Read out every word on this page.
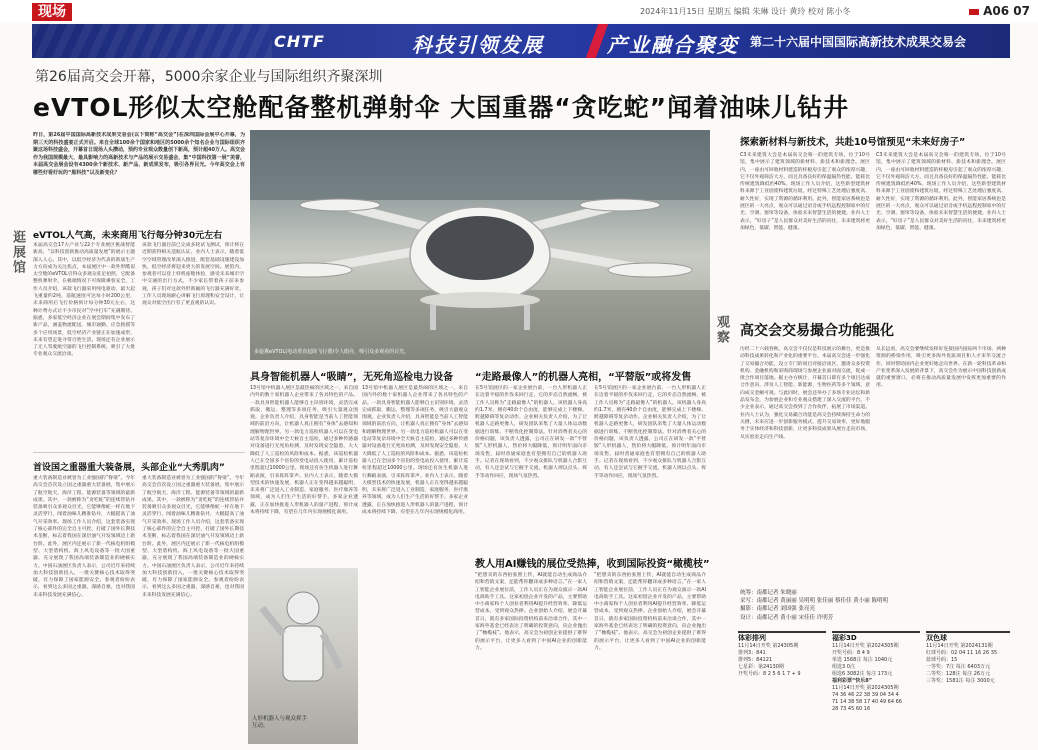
现场	2024年11月15日 星期五 编辑 朱琳 设计 黄玲 校对 陈小冬	A06 07
CHTF	科技引领发展	产业融合聚变 第二十六届中国国际高新技术成果交易会
第26届高交会开幕，5000余家企业与国际组织齐聚深圳
eVTOL形似太空舱配备整机弹射伞 大国重器“贪吃蛇”闻着油味儿钻井
昨日，第26届中国国际高新技术成果交易会(以下简称“高交会”)在深圳国际会展中心开幕，为期三天的科技盛宴正式开启。来自全球100余个国家和地区的5000余个知名企业与国际组织齐聚这场科技盛会，开幕首日现场人头攒动，预约专业观众数量创下新高，预计超40万人。高交会作为我国规模最大、最具影响力的高新技术与产品的展示交易盛会，集“中国科技第一展”美誉，本届高交会展会设有4300余个新技术、新产品、新成果发布，吸引各界目光。今年高交会上有哪些好看好玩的“黑科技”以及新变化？
逛展馆
观察
eVTOL人气高，未来商用飞行每分钟30元左右
本届高交会17大产业与22个专业展区挑战智能新高，“以科技创新推动高质量发展”的展示主题深入人心。其中，以低空经济为代表的新质生产力方向成为关注焦点，本届展区中一款外形酷似太空舱的eVTOL引得众多观众驻足拍照，它配备整机弹射伞，在极端情况下可保障乘客安全。工作人员介绍，该款飞行器采用纯电驱动，最大起飞重量约2吨，巡航速度可达每小时200公里，未来商用后飞行价格预计每分钟30元左右，这种计费方式让不少市民对“空中打车”充满期待。据悉，多家低空经济企业在展会期间集中发布了新产品，涵盖物流配送、城市通勤、应急救援等多个应用场景，低空经济产业链正在加速成形，未来有望走进寻常百姓生活。现场还有企业展示了无人驾驶航空器的飞行控制系统，吸引了大批专业观众交流洽谈。
该款飞行器目前已完成多轮试飞测试，预计将在近期获得相关适航认证。业内人士表示，随着低空空域管理改革深入推进，配套基础设施建设加快，低空经济将迎来更大的发展空间。展馆内，参观者可以登上样机座舱体验，感受未来城市空中交通的出行方式，不少家长带着孩子前来参观，孩子们对这款外形新颖的飞行器充满好奇。工作人员现场耐心讲解飞行原理和安全设计，让观众对低空出行有了更直观的认识。
首设国之重器重大装备展，头部企业“大秀肌肉”
重大装备制造业被誉为工业强国的“脊梁”。今年高交会首次设立国之重器重大装备展，集中展示了航空航天、海洋工程、能源装备等领域的最新成果。其中，一款被称为“贪吃蛇”的连续管钻井装备吸引众多观众目光，它能够像蛇一样在地下灵活穿行，闻着油味儿精准钻井，大幅提高了油气开采效率。现场工作人员介绍，这套装备实现了核心部件的完全自主可控，打破了国外长期技术垄断，标志着我国在深层油气开发领域迈上新台阶。此外，展区内还展示了新一代核电机组模型、大型盾构机、海上风电设备等一批大国重器，充分展现了我国高端装备制造业的硬核实力。中国石油展区负责人表示，公司近年来持续加大科技创新投入，一批关键核心技术取得突破，有力保障了国家能源安全。参观者纷纷表示，看到这么多国之重器，深感自豪，也对我国未来科技发展充满信心。
重大装备制造业被誉为工业强国的“脊梁”。今年高交会首次设立国之重器重大装备展，集中展示了航空航天、海洋工程、能源装备等领域的最新成果。其中，一款被称为“贪吃蛇”的连续管钻井装备吸引众多观众目光，它能够像蛇一样在地下灵活穿行，闻着油味儿精准钻井，大幅提高了油气开采效率。现场工作人员介绍，这套装备实现了核心部件的完全自主可控，打破了国外长期技术垄断，标志着我国在深层油气开发领域迈上新台阶。此外，展区内还展示了新一代核电机组模型、大型盾构机、海上风电设备等一批大国重器，充分展现了我国高端装备制造业的硬核实力。中国石油展区负责人表示，公司近年来持续加大科技创新投入，一批关键核心技术取得突破，有力保障了国家能源安全。参观者纷纷表示，看到这么多国之重器，深感自豪，也对我国未来科技发展充满信心。
多旋翼eVTOL(电动垂直起降飞行器)令人眼亮，吸引众多观看的目光。
具身智能机器人“吸睛”，无死角巡检电力设备
13号馆中机器人展区是最热闹的区域之一，来自国内外的数十家机器人企业带来了各具特色的产品。一款具身智能机器人能够自主识别环境，灵活完成抓取、搬运、整理等多项任务，吸引大量观众围观。企业负责人介绍，具身智能是当前人工智能领域的前沿方向，让机器人真正拥有“身体”去感知和理解物理世界。另一款电力巡检机器人可以在变电站等复杂环境中全天候自主巡检，通过多种传感器对设备进行无死角检测，及时发现安全隐患，大大降低了人工巡检的风险和成本。据悉，该巡检机器人已在全国多个省份的变电站投入使用，累计巡检里程超过10000公里。现场还有仿生机器人进行舞蹈表演，引来阵阵掌声。业内人士表示，随着大模型技术的快速发展，机器人正在变得越来越聪明，未来将广泛进入工业制造、家庭服务、医疗康养等领域，成为人们生产生活的好帮手。多家企业透露，正在加快推进人形机器人的量产进程，预计成本将持续下降，有望在几年内实现规模化商用。
13号馆中机器人展区是最热闹的区域之一，来自国内外的数十家机器人企业带来了各具特色的产品。一款具身智能机器人能够自主识别环境，灵活完成抓取、搬运、整理等多项任务，吸引大量观众围观。企业负责人介绍，具身智能是当前人工智能领域的前沿方向，让机器人真正拥有“身体”去感知和理解物理世界。另一款电力巡检机器人可以在变电站等复杂环境中全天候自主巡检，通过多种传感器对设备进行无死角检测，及时发现安全隐患，大大降低了人工巡检的风险和成本。据悉，该巡检机器人已在全国多个省份的变电站投入使用，累计巡检里程超过10000公里。现场还有仿生机器人进行舞蹈表演，引来阵阵掌声。业内人士表示，随着大模型技术的快速发展，机器人正在变得越来越聪明，未来将广泛进入工业制造、家庭服务、医疗康养等领域，成为人们生产生活的好帮手。多家企业透露，正在加快推进人形机器人的量产进程，预计成本将持续下降，有望在几年内实现规模化商用。
人形机器人与观众挥手互动。
“走路最像人”的机器人亮相，“平替版”或将发售
在5号馆展区的一家企业展台前，一台人形机器人正在迈着平稳的步伐来回行走，它的步态自然流畅，被工作人员称为“走路最像人”的机器人。该机器人身高约1.7米，拥有40余个自由度，能够完成上下楼梯、跨越障碍等复杂动作。企业相关负责人介绍，为了让机器人走路更像人，研发团队采集了大量人体运动数据进行训练，不断优化控制算法。针对消费者关心的价格问题，该负责人透露，公司正在研发一款“平替版”人形机器人，售价将大幅降低，预计明年面向市场发售，届时普通家庭也有望拥有自己的机器人助手。记者在现场看到，不少观众排队与机器人合影互动，有人还尝试与它握手交流，机器人则以点头、挥手等动作回应，现场气氛热烈。
在5号馆展区的一家企业展台前，一台人形机器人正在迈着平稳的步伐来回行走，它的步态自然流畅，被工作人员称为“走路最像人”的机器人。该机器人身高约1.7米，拥有40余个自由度，能够完成上下楼梯、跨越障碍等复杂动作。企业相关负责人介绍，为了让机器人走路更像人，研发团队采集了大量人体运动数据进行训练，不断优化控制算法。针对消费者关心的价格问题，该负责人透露，公司正在研发一款“平替版”人形机器人，售价将大幅降低，预计明年面向市场发售，届时普通家庭也有望拥有自己的机器人助手。记者在现场看到，不少观众排队与机器人合影互动，有人还尝试与它握手交流，机器人则以点头、挥手等动作回应，现场气氛热烈。
教人用AI赚钱的展位受热捧，收到国际投资“橄榄枝”
“把想卖的东西拍张照上传，AI就能自动生成商品介绍和营销文案，还能帮你翻译成多种语言。”在一家人工智能企业展位前，工作人员正在为观众演示一款AI电商助手工具。这家初创企业开发的产品，主要帮助中小商家和个人创业者利用AI提升经营效率、降低运营成本，受到观众热捧。企业创始人介绍，展会开幕首日，就有多家国际投资机构前来洽谈合作，其中一家海外基金已经表达了明确的投资意向，向企业抛出了“橄榄枝”。他表示，高交会为初创企业提供了难得的展示平台，让更多人看到了中国AI企业的创新能力。
“把想卖的东西拍张照上传，AI就能自动生成商品介绍和营销文案，还能帮你翻译成多种语言。”在一家人工智能企业展位前，工作人员正在为观众演示一款AI电商助手工具。这家初创企业开发的产品，主要帮助中小商家和个人创业者利用AI提升经营效率、降低运营成本，受到观众热捧。企业创始人介绍，展会开幕首日，就有多家国际投资机构前来洽谈合作，其中一家海外基金已经表达了明确的投资意向，向企业抛出了“橄榄枝”。他表示，高交会为初创企业提供了难得的展示平台，让更多人看到了中国AI企业的创新能力。
探索新材料与新技术，共赴10号馆预见“未来好房子”
C3未来建筑大会是本届高交会唯一的建筑专场，位于10号馆，集中展示了建筑领域的新材料、新技术和新理念。展区内，一座由可回收材料建造的样板房引起了观众的浓厚兴趣，它不仅外观简洁大方，而且具备良好的保温隔热性能，能耗比传统建筑降低约40%。现场工作人员介绍，这些新型建筑材料来源于工业固废和建筑垃圾，经过特殊工艺处理后强度高、耐久性好，实现了资源的循环利用。此外，智能家居系统也是展区的一大亮点，观众可以通过语音或手机远程控制家中的灯光、空调、窗帘等设备，体验未来智慧生活的便捷。业内人士表示，“好房子”是人民群众对美好生活的向往，未来建筑将更加绿色、低碳、智能、健康。
C3未来建筑大会是本届高交会唯一的建筑专场，位于10号馆，集中展示了建筑领域的新材料、新技术和新理念。展区内，一座由可回收材料建造的样板房引起了观众的浓厚兴趣，它不仅外观简洁大方，而且具备良好的保温隔热性能，能耗比传统建筑降低约40%。现场工作人员介绍，这些新型建筑材料来源于工业固废和建筑垃圾，经过特殊工艺处理后强度高、耐久性好，实现了资源的循环利用。此外，智能家居系统也是展区的一大亮点，观众可以通过语音或手机远程控制家中的灯光、空调、窗帘等设备，体验未来智慧生活的便捷。业内人士表示，“好房子”是人民群众对美好生活的向往，未来建筑将更加绿色、低碳、智能、健康。
高交会交易撮合功能强化
历经二十六载春秋，高交会不仅仅是科技展示的舞台，更是推动科技成果转化和产业化的重要平台。本届高交会进一步强化了交易撮合功能，设立专门的项目对接洽谈区，邀请众多投资机构、金融机构和采购商现场与参展企业面对面交流，促成一批合作项目落地。据主办方统计，开幕首日即有多个项目达成合作意向，涉及人工智能、新能源、生物医药等多个领域，意向成交金额可观。与此同时，展会还举办了多场专业论坛和新品发布会，为参展企业和专业观众搭建了深入交流的平台，不少企业表示，通过高交会找到了合作伙伴，拓展了市场渠道。业内人士认为，强化交易撮合功能是高交会持续保持生命力的关键，未来应进一步创新服务模式，提升交易效率，更好地服务于实体经济和科技创新，让更多科技成果从展台走向市场，从实验室走向生产线。
从长远看，高交会要继续发挥好连接国内国际两个市场、两种资源的桥梁作用，吸引更多海外优质项目和人才来华交流合作，同时帮助国内企业更好地走向世界。在新一轮科技革命和产业变革深入发展的背景下，高交会作为展示中国科技创新成就的重要窗口，必将在推动高质量发展中发挥更加重要的作用。
统筹：南都记者 朱晓丽
采写：南都记者 黄丽丽 吴明明 张佳丽 蔡佳佳 黄小丽 陈明明
摄影：南都记者 刘国强 张亮亮
设计：南都记者 黄小丽 宋佳佳 许明芳
体彩排列
11月14日开奖 第24305期
排列3：841
排列5：84121
七星彩：第24130期
开奖号码：8 2 5 6 1 7 + 9
福彩3D
11月14日开奖 第2024305期
开奖号码：8 4 9
单选 1568注 每注 1040元
组选3 0注
组选6 3082注 每注 173元
福利彩票“快乐8”
11月14日开奖 第2024305期
74 36 46 22 38 39 04 34 4
71 14 38 58 17 40 49 64 66
28 73 45 60 16
双色球
11月14日开奖 第2024131期
红球号码：02 04 11 16 26 35
蓝球号码：15
一等奖：7注 每注 6403万元
二等奖：128注 每注 26万元
三等奖：1581注 每注 3000元
